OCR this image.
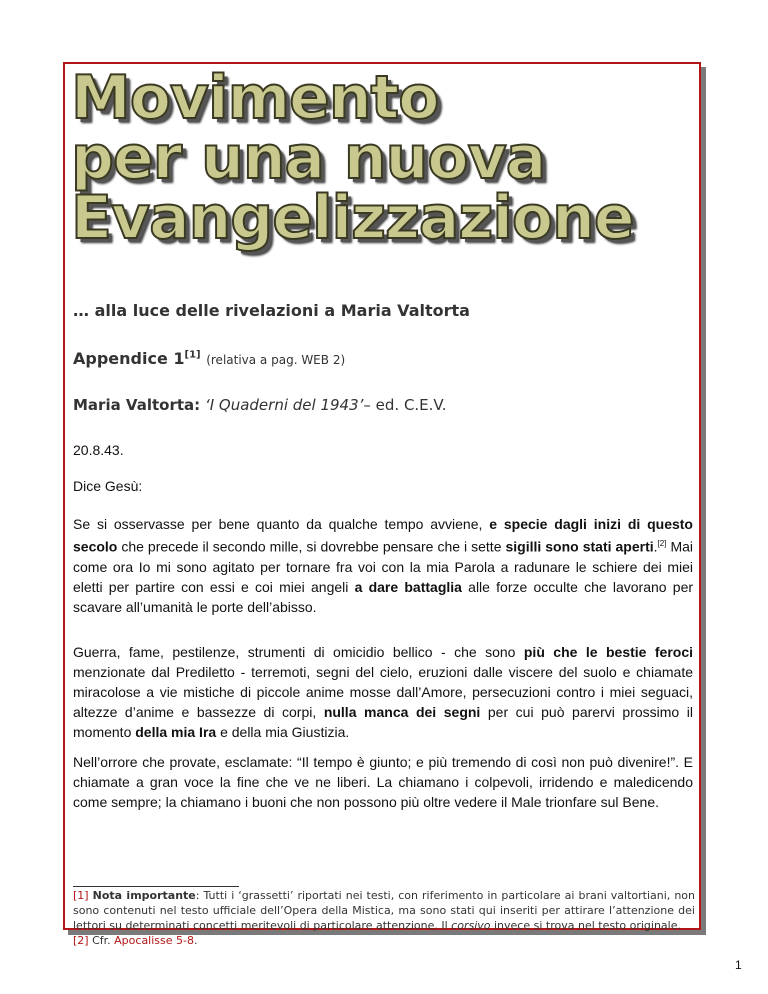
Movimento
per una nuova
Evangelizzazione
… alla luce delle rivelazioni a Maria Valtorta
Appendice 1[1] (relativa a pag. WEB 2)
Maria Valtorta: ‘I Quaderni del 1943’– ed. C.E.V.
20.8.43.
Dice Gesù:
Se si osservasse per bene quanto da qualche tempo avviene, e specie dagli inizi di questo secolo che precede il secondo mille, si dovrebbe pensare che i sette sigilli sono stati aperti.[2] Mai come ora Io mi sono agitato per tornare fra voi con la mia Parola a radunare le schiere dei miei eletti per partire con essi e coi miei angeli a dare battaglia alle forze occulte che lavorano per scavare all’umanità le porte dell’abisso.
Guerra, fame, pestilenze, strumenti di omicidio bellico - che sono più che le bestie feroci menzionate dal Prediletto - terremoti, segni del cielo, eruzioni dalle viscere del suolo e chiamate miracolose a vie mistiche di piccole anime mosse dall’Amore, persecuzioni contro i miei seguaci, altezze d’anime e bassezze di corpi, nulla manca dei segni per cui può parervi prossimo il momento della mia Ira e della mia Giustizia.
Nell’orrore che provate, esclamate: “Il tempo è giunto; e più tremendo di così non può divenire!”. E chiamate a gran voce la fine che ve ne liberi. La chiamano i colpevoli, irridendo e maledicendo come sempre; la chiamano i buoni che non possono più oltre vedere il Male trionfare sul Bene.
[1] Nota importante: Tutti i ‘grassetti’ riportati nei testi, con riferimento in particolare ai brani valtortiani, non sono contenuti nel testo ufficiale dell’Opera della Mistica, ma sono stati qui inseriti per attirare l’attenzione dei lettori su determinati concetti meritevoli di particolare attenzione. Il corsivo invece si trova nel testo originale.
[2] Cfr. Apocalisse 5-8.
1
